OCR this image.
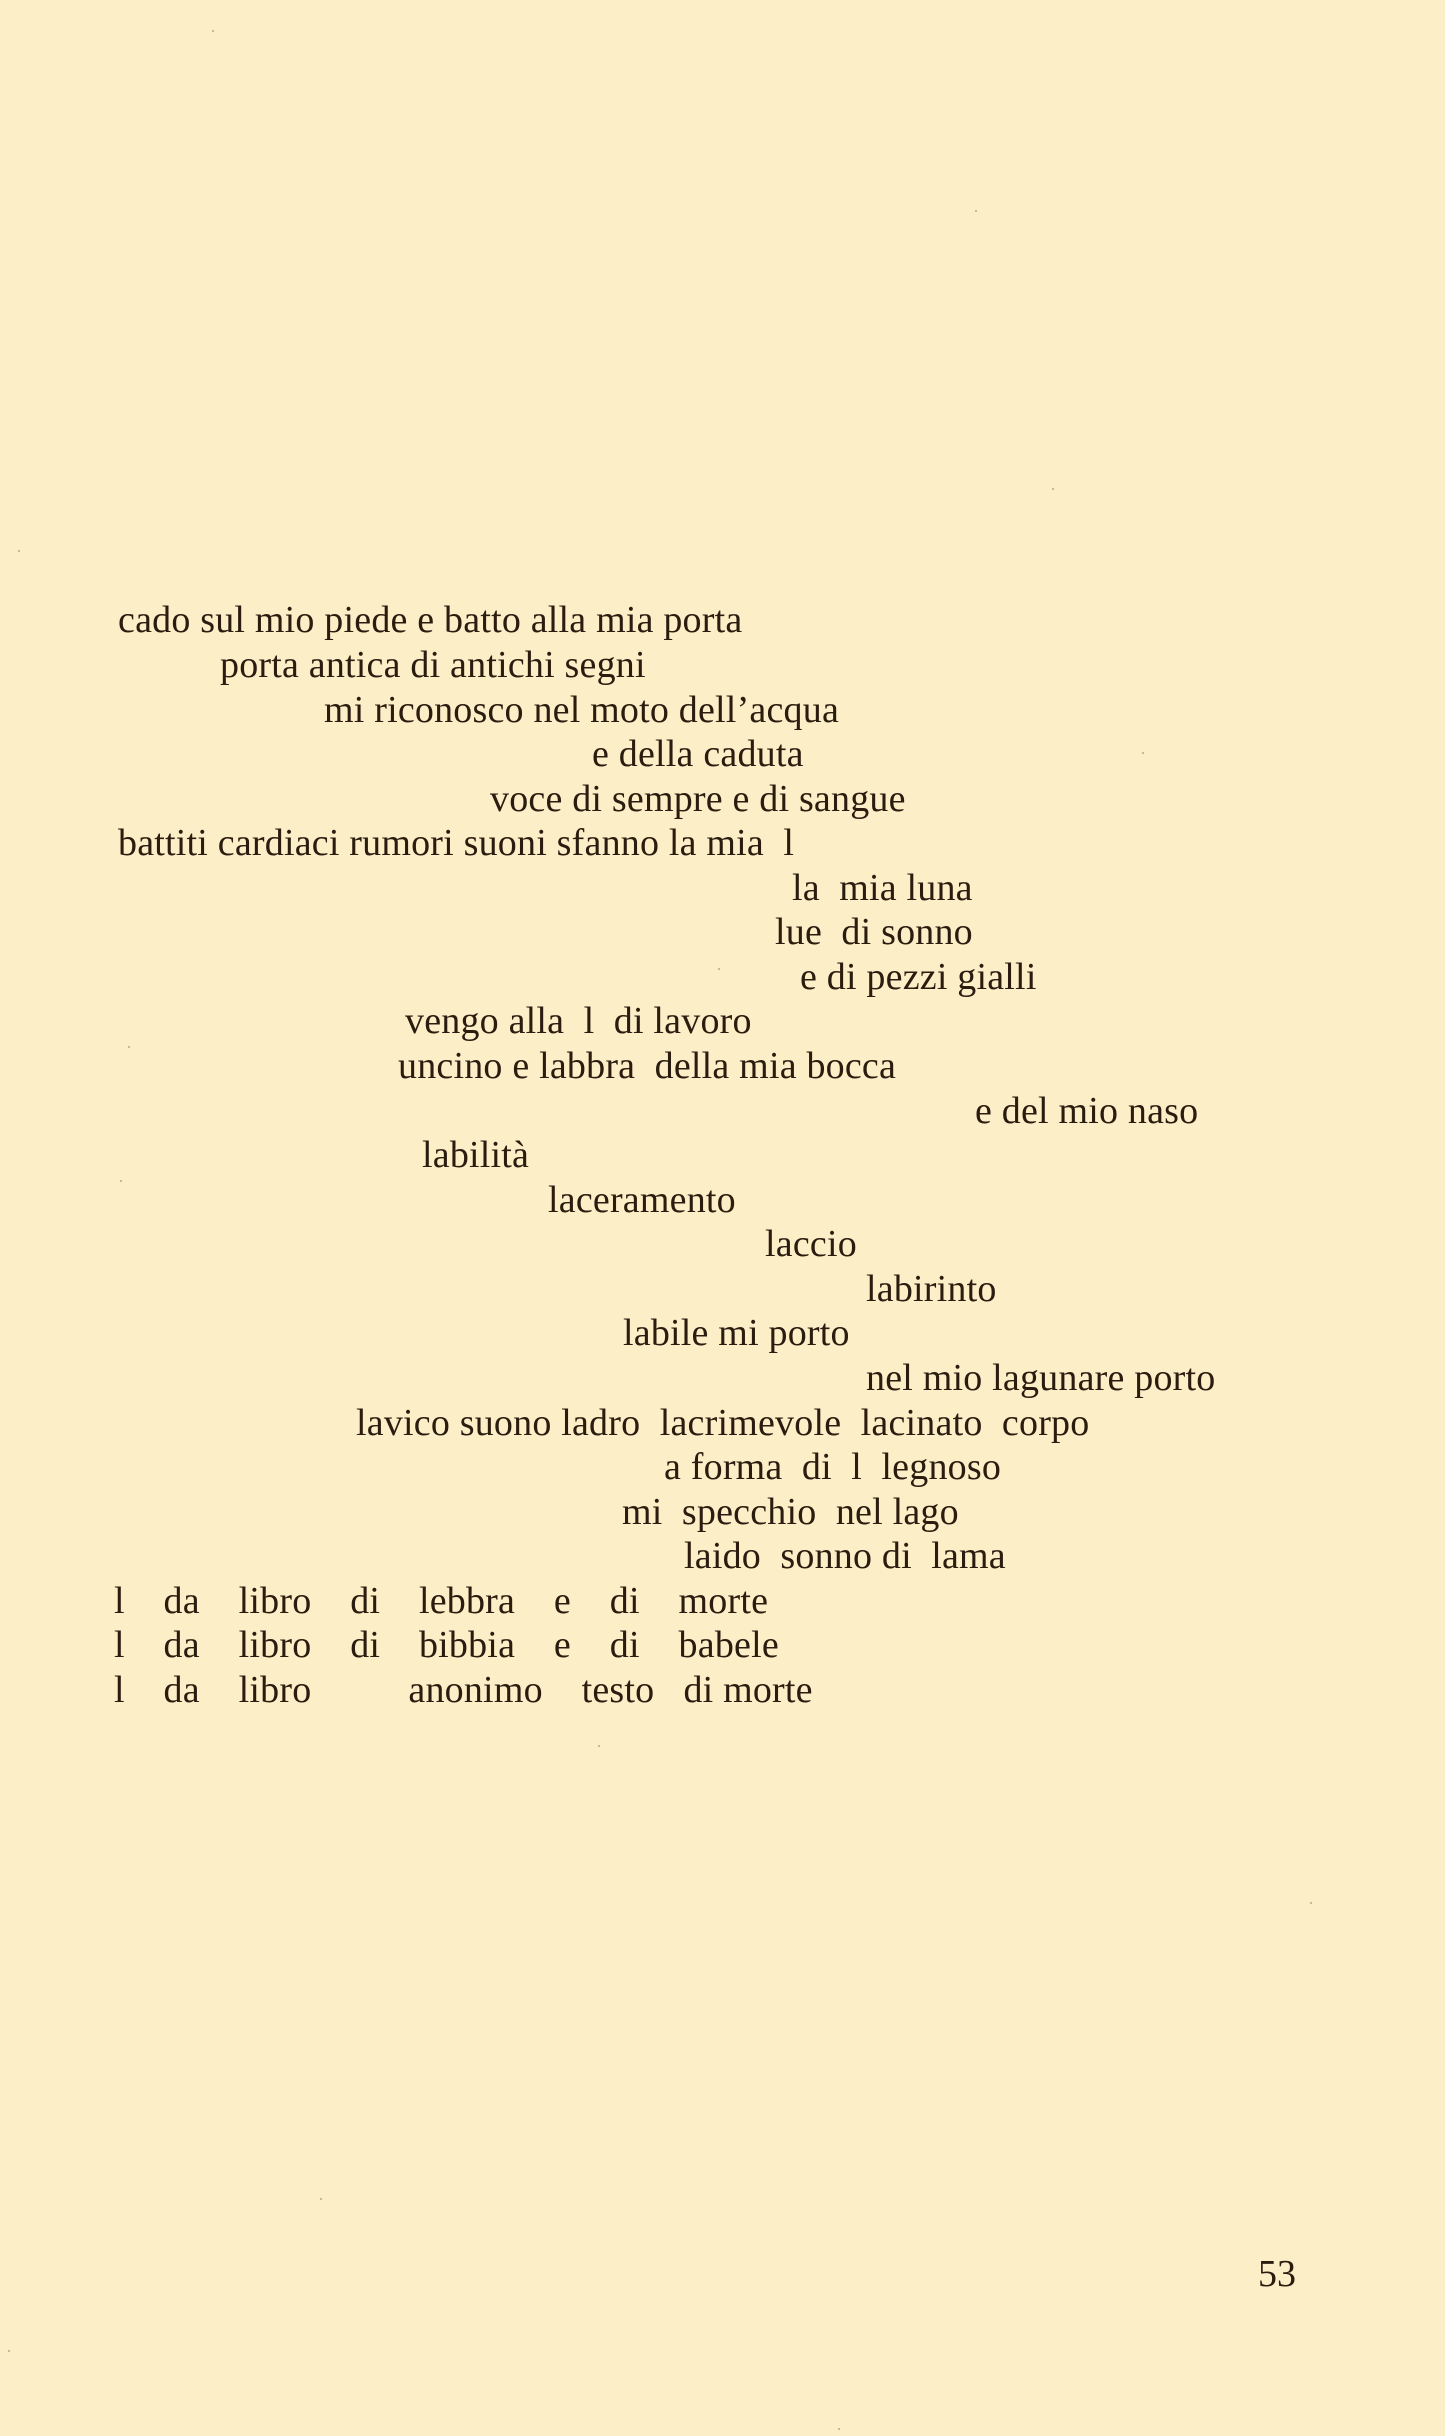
cado sul mio piede e batto alla mia porta
porta antica di antichi segni
mi riconosco nel moto dell’acqua
e della caduta
voce di sempre e di sangue
battiti cardiaci rumori suoni sfanno la mia  l
la  mia luna
lue  di sonno
e di pezzi gialli
vengo alla  l  di lavoro
uncino e labbra  della mia bocca
e del mio naso
labilità
laceramento
laccio
labirinto
labile mi porto
nel mio lagunare porto
lavico suono ladro  lacrimevole  lacinato  corpo
a forma  di  l  legnoso
mi  specchio  nel lago
laido  sonno di  lama
l    da    libro    di    lebbra    e    di    morte
l    da    libro    di    bibbia    e    di    babele
l    da    libro          anonimo    testo   di morte
53
